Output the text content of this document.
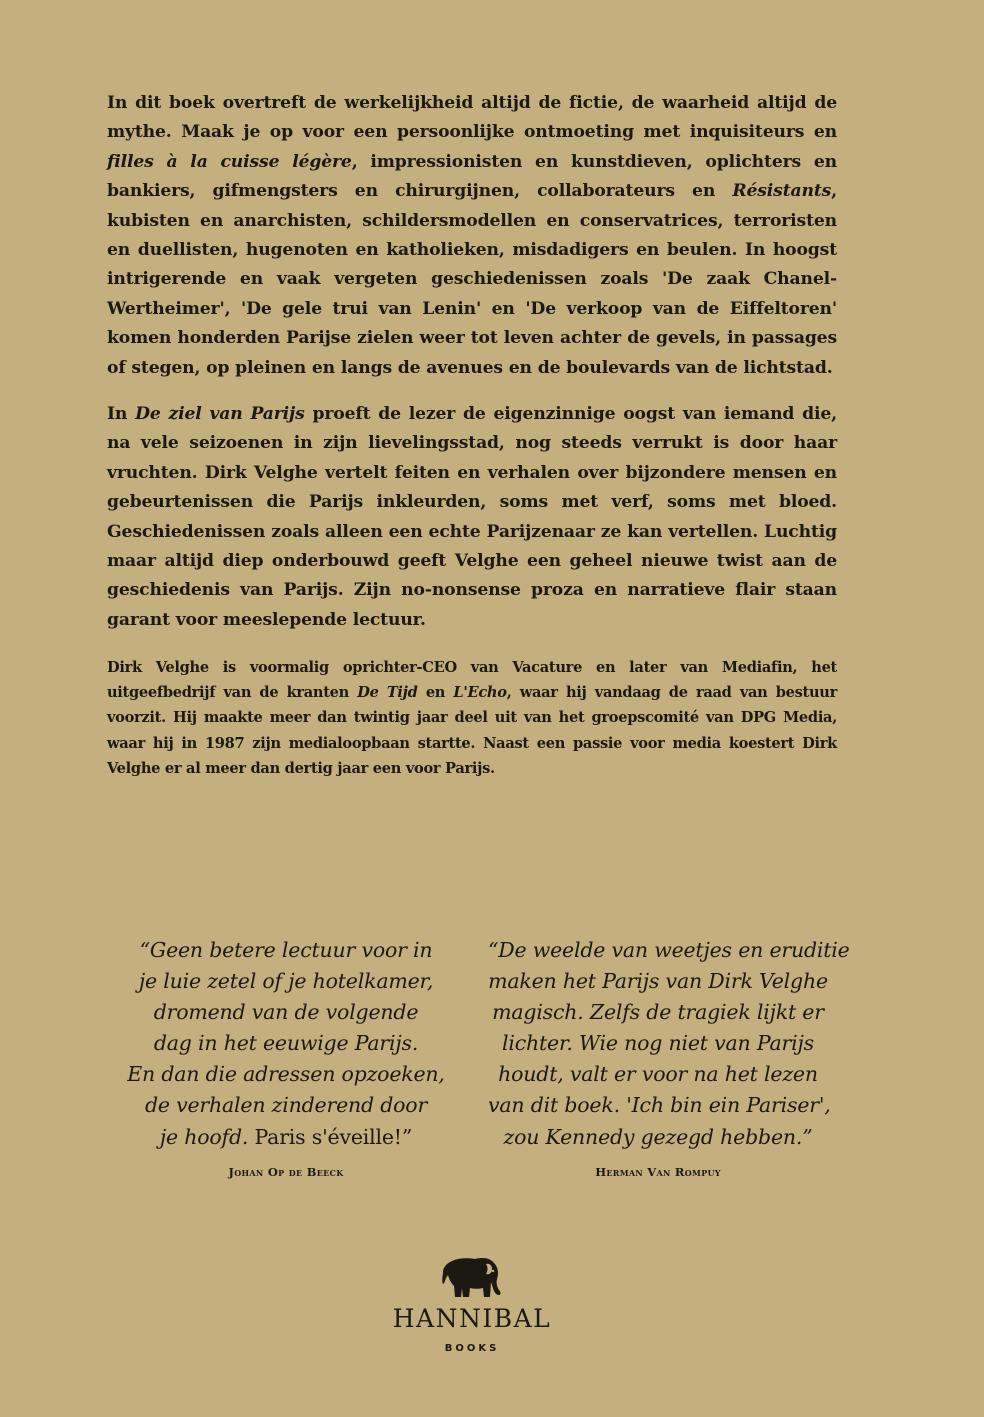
In dit boek overtreft de werkelijkheid altijd de fictie, de waarheid altijd de mythe. Maak je op voor een persoonlijke ontmoeting met inquisiteurs en filles à la cuisse légère, impressionisten en kunstdieven, oplichters en bankiers, gifmengsters en chirurgijnen, collaborateurs en Résistants, kubisten en anarchisten, schildersmodellen en conservatrices, terroristen en duellisten, hugenoten en katholieken, misdadigers en beulen. In hoogst intrigerende en vaak vergeten geschiedenissen zoals 'De zaak Chanel-Wertheimer', 'De gele trui van Lenin' en 'De verkoop van de Eiffeltoren' komen honderden Parijse zielen weer tot leven achter de gevels, in passages of stegen, op pleinen en langs de avenues en de boulevards van de lichtstad.

In De ziel van Parijs proeft de lezer de eigenzinnige oogst van iemand die, na vele seizoenen in zijn lievelingsstad, nog steeds verrukt is door haar vruchten. Dirk Velghe vertelt feiten en verhalen over bijzondere mensen en gebeurtenissen die Parijs inkleurden, soms met verf, soms met bloed. Geschiedenissen zoals alleen een echte Parijzenaar ze kan vertellen. Luchtig maar altijd diep onderbouwd geeft Velghe een geheel nieuwe twist aan de geschiedenis van Parijs. Zijn no-nonsense proza en narratieve flair staan garant voor meeslepende lectuur.

Dirk Velghe is voormalig oprichter-CEO van Vacature en later van Mediafin, het uitgeefbedrijf van de kranten De Tijd en L'Echo, waar hij vandaag de raad van bestuur voorzit. Hij maakte meer dan twintig jaar deel uit van het groepscomité van DPG Media, waar hij in 1987 zijn medialoopbaan startte. Naast een passie voor media koestert Dirk Velghe er al meer dan dertig jaar een voor Parijs.

“Geen betere lectuur voor in
je luie zetel of je hotelkamer,
dromend van de volgende
dag in het eeuwige Parijs.
En dan die adressen opzoeken,
de verhalen zinderend door
je hoofd. Paris s'éveille!”

Johan Op de Beeck

“De weelde van weetjes en eruditie
maken het Parijs van Dirk Velghe
magisch. Zelfs de tragiek lijkt er
lichter. Wie nog niet van Parijs
houdt, valt er voor na het lezen
van dit boek. 'Ich bin ein Pariser',
zou Kennedy gezegd hebben.”

Herman Van Rompuy
HANNIBAL
BOOKS
